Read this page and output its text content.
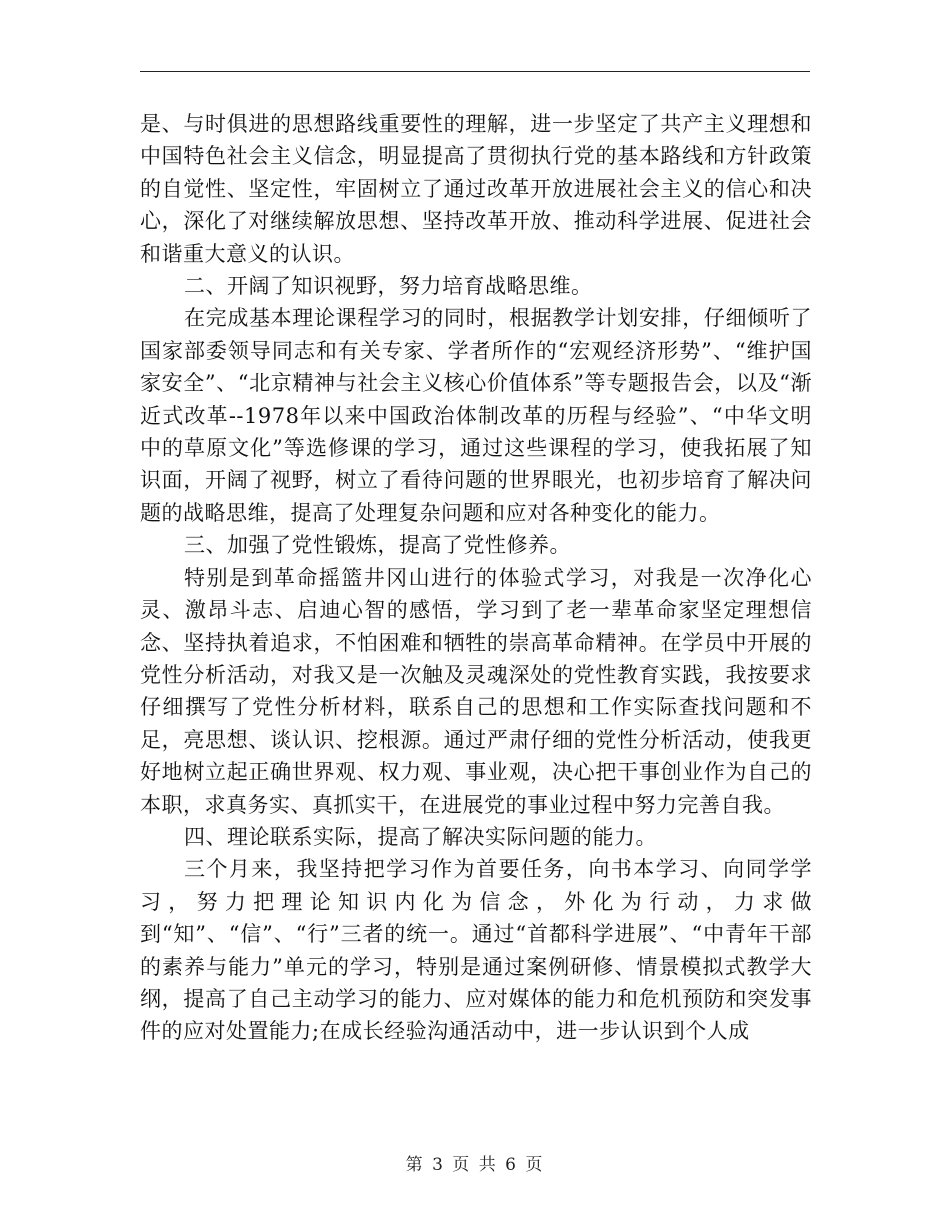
是、与时俱进的思想路线重要性的理解，进一步坚定了共产主义理想和中国特色社会主义信念，明显提高了贯彻执行党的基本路线和方针政策的自觉性、坚定性，牢固树立了通过改革开放进展社会主义的信心和决心，深化了对继续解放思想、坚持改革开放、推动科学进展、促进社会和谐重大意义的认识。

二、开阔了知识视野，努力培育战略思维。

在完成基本理论课程学习的同时，根据教学计划安排，仔细倾听了国家部委领导同志和有关专家、学者所作的“宏观经济形势”、“维护国家安全”、“北京精神与社会主义核心价值体系”等专题报告会，以及“渐近式改革--1978年以来中国政治体制改革的历程与经验”、“中华文明中的草原文化”等选修课的学习，通过这些课程的学习，使我拓展了知识面，开阔了视野，树立了看待问题的世界眼光，也初步培育了解决问题的战略思维，提高了处理复杂问题和应对各种变化的能力。

三、加强了党性锻炼，提高了党性修养。

特别是到革命摇篮井冈山进行的体验式学习，对我是一次净化心灵、激昂斗志、启迪心智的感悟，学习到了老一辈革命家坚定理想信念、坚持执着追求，不怕困难和牺牲的崇高革命精神。在学员中开展的党性分析活动，对我又是一次触及灵魂深处的党性教育实践，我按要求仔细撰写了党性分析材料，联系自己的思想和工作实际查找问题和不足，亮思想、谈认识、挖根源。通过严肃仔细的党性分析活动，使我更好地树立起正确世界观、权力观、事业观，决心把干事创业作为自己的本职，求真务实、真抓实干，在进展党的事业过程中努力完善自我。

四、理论联系实际，提高了解决实际问题的能力。

三个月来，我坚持把学习作为首要任务，向书本学习、向同学学习，努力把理论知识内化为信念，外化为行动，力求做到“知”、“信”、“行”三者的统一。通过“首都科学进展”、“中青年干部的素养与能力”单元的学习，特别是通过案例研修、情景模拟式教学大纲，提高了自己主动学习的能力、应对媒体的能力和危机预防和突发事件的应对处置能力;在成长经验沟通活动中，进一步认识到个人成

第 3 页 共 6 页
